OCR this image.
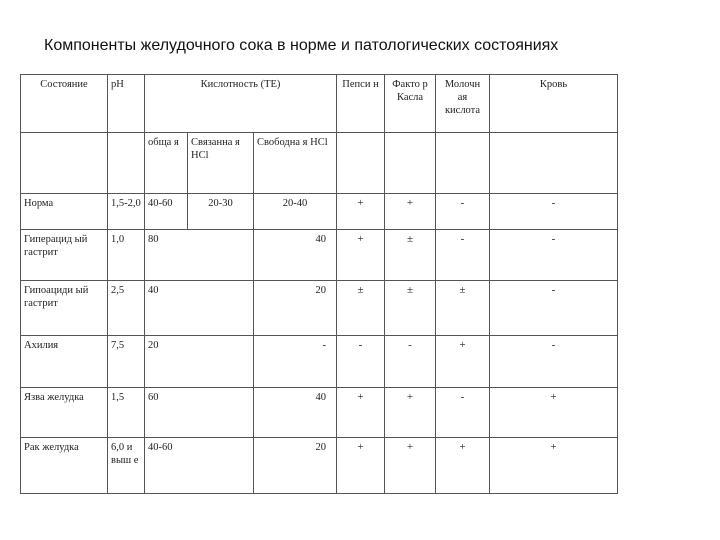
Компоненты желудочного сока в норме и патологических состояниях
Состояние	рН	Кислотность (ТЕ)			Пепси н	Факто р Касла	Молочн ая кислота	Кровь
		обща я	Связанна я HCl	Свободна я HCl				
Норма	1,5-2,0	40-60	20-30	20-40	+	+	-	-
Гиперацид ый гастрит	1,0	80		40	+	±	-	-
Гипоациди ый гастрит	2,5	40		20	±	±	±	-
Ахилия	7,5	20		-	-	-	+	-
Язва желудка	1,5	60		40	+	+	-	+
Рак желудка	6,0 и выш е	40-60		20	+	+	+	+
